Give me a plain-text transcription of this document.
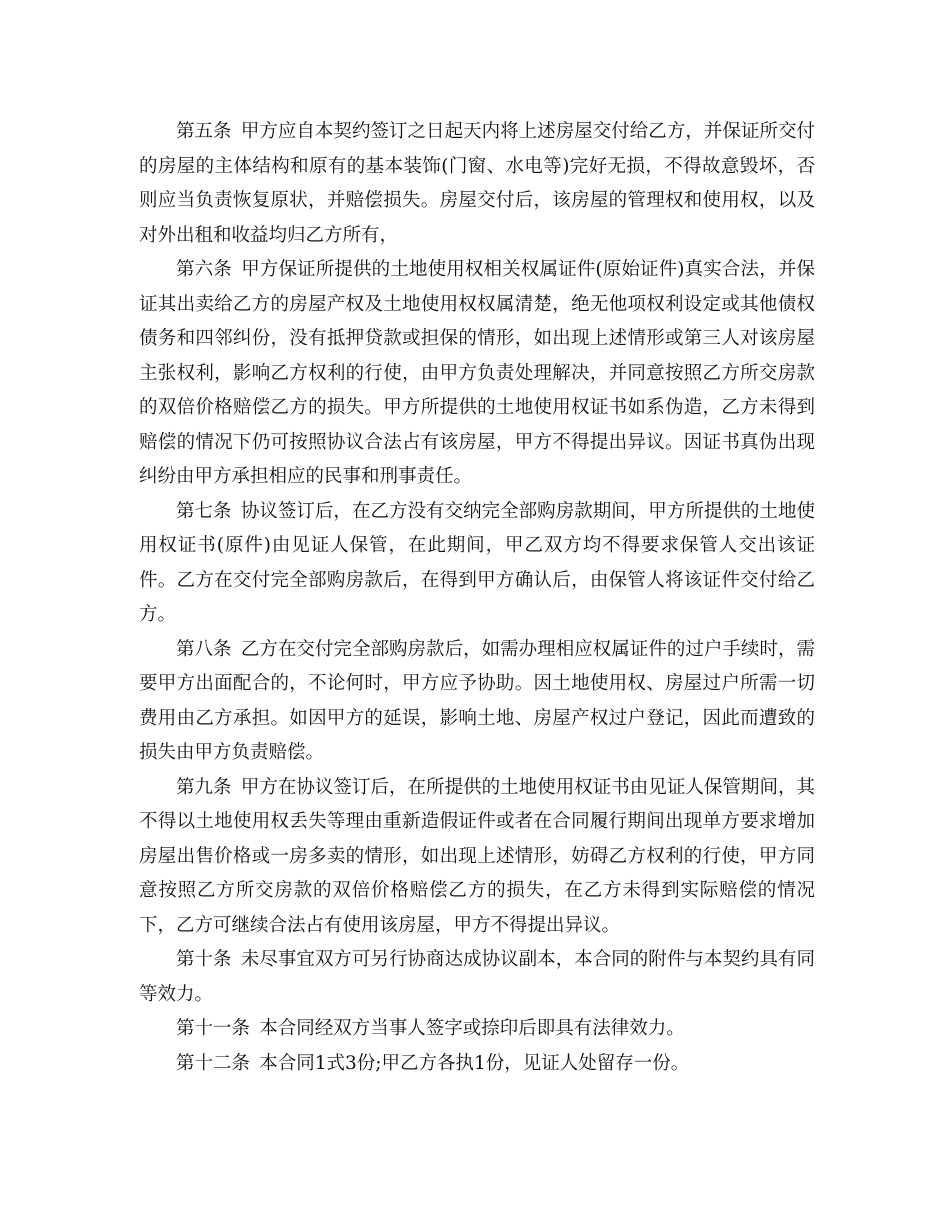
第五条 甲方应自本契约签订之日起天内将上述房屋交付给乙方，并保证所交付的房屋的主体结构和原有的基本装饰(门窗、水电等)完好无损，不得故意毁坏，否则应当负责恢复原状，并赔偿损失。房屋交付后，该房屋的管理权和使用权，以及对外出租和收益均归乙方所有，

第六条 甲方保证所提供的土地使用权相关权属证件(原始证件)真实合法，并保证其出卖给乙方的房屋产权及土地使用权权属清楚，绝无他项权利设定或其他债权债务和四邻纠份，没有抵押贷款或担保的情形，如出现上述情形或第三人对该房屋主张权利，影响乙方权利的行使，由甲方负责处理解决，并同意按照乙方所交房款的双倍价格赔偿乙方的损失。甲方所提供的土地使用权证书如系伪造，乙方未得到赔偿的情况下仍可按照协议合法占有该房屋，甲方不得提出异议。因证书真伪出现纠纷由甲方承担相应的民事和刑事责任。

第七条 协议签订后，在乙方没有交纳完全部购房款期间，甲方所提供的土地使用权证书(原件)由见证人保管，在此期间，甲乙双方均不得要求保管人交出该证件。乙方在交付完全部购房款后，在得到甲方确认后，由保管人将该证件交付给乙方。

第八条 乙方在交付完全部购房款后，如需办理相应权属证件的过户手续时，需要甲方出面配合的，不论何时，甲方应予协助。因土地使用权、房屋过户所需一切费用由乙方承担。如因甲方的延误，影响土地、房屋产权过户登记，因此而遭致的损失由甲方负责赔偿。

第九条 甲方在协议签订后，在所提供的土地使用权证书由见证人保管期间，其不得以土地使用权丢失等理由重新造假证件或者在合同履行期间出现单方要求增加房屋出售价格或一房多卖的情形，如出现上述情形，妨碍乙方权利的行使，甲方同意按照乙方所交房款的双倍价格赔偿乙方的损失，在乙方未得到实际赔偿的情况下，乙方可继续合法占有使用该房屋，甲方不得提出异议。

第十条 未尽事宜双方可另行协商达成协议副本，本合同的附件与本契约具有同等效力。

第十一条 本合同经双方当事人签字或捺印后即具有法律效力。

第十二条 本合同1式3份;甲乙方各执1份，见证人处留存一份。
